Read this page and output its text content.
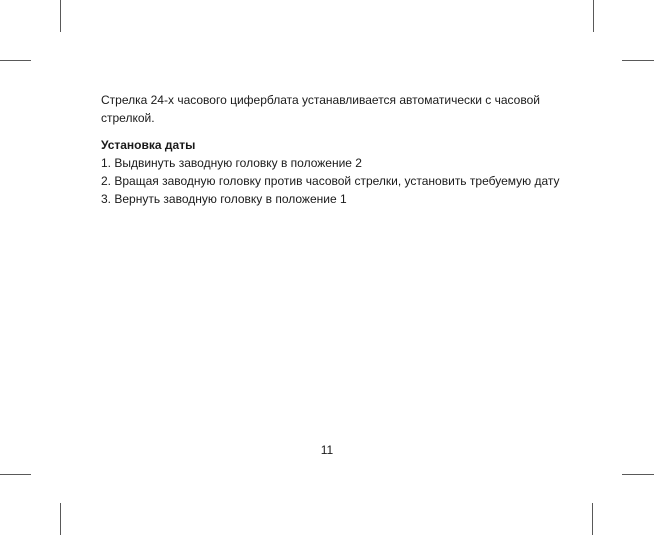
Стрелка 24-х часового циферблата устанавливается автоматически с часовой
стрелкой.
Установка даты
1. Выдвинуть заводную головку в положение 2
2. Вращая заводную головку против часовой стрелки, установить требуемую дату
3. Вернуть заводную головку в положение 1
11
